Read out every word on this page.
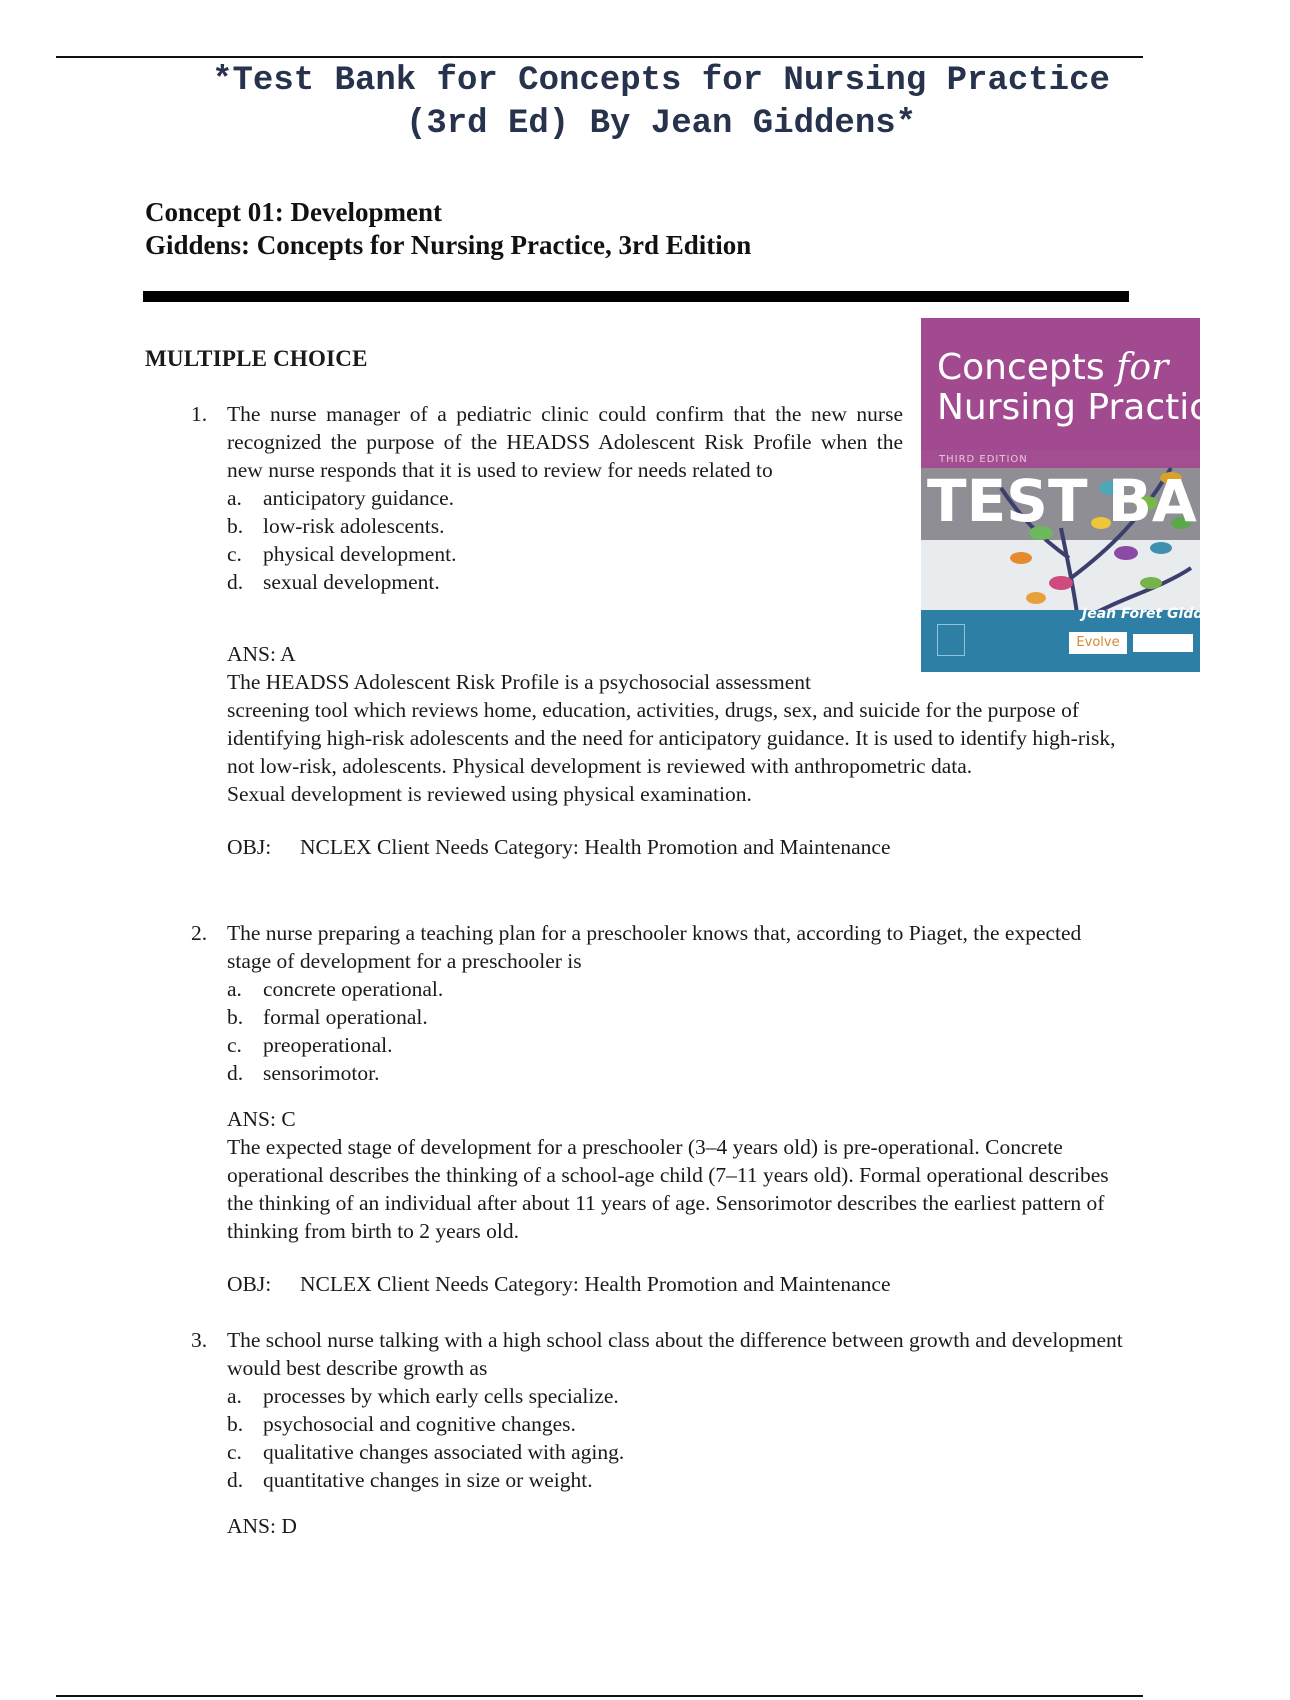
*Test Bank for Concepts for Nursing Practice
(3rd Ed) By Jean Giddens*
Concept 01: Development
Giddens: Concepts for Nursing Practice, 3rd Edition
MULTIPLE CHOICE	Concepts for
Nursing Practice
THIRD EDITION
TEST BANK
Jean Foret Giddens
Evolve
1. The nurse manager of a pediatric clinic could confirm that the new nurse recognized the purpose of the HEADSS Adolescent Risk Profile when the new nurse responds that it is used to review for needs related to

a. anticipatory guidance.
b. low-risk adolescents.
c. physical development.
d. sexual development.
ANS: A

The HEADSS Adolescent Risk Profile is a psychosocial assessment

screening tool which reviews home, education, activities, drugs, sex, and suicide for the purpose of identifying high-risk adolescents and the need for anticipatory guidance. It is used to identify high-risk, not low-risk, adolescents. Physical development is reviewed with anthropometric data.

Sexual development is reviewed using physical examination.

OBJ: NCLEX Client Needs Category: Health Promotion and Maintenance
2. The nurse preparing a teaching plan for a preschooler knows that, according to Piaget, the expected stage of development for a preschooler is

a. concrete operational.
b. formal operational.
c. preoperational.
d. sensorimotor.
ANS: C

The expected stage of development for a preschooler (3–4 years old) is pre-operational. Concrete operational describes the thinking of a school-age child (7–11 years old). Formal operational describes the thinking of an individual after about 11 years of age. Sensorimotor describes the earliest pattern of thinking from birth to 2 years old.

OBJ: NCLEX Client Needs Category: Health Promotion and Maintenance
3. The school nurse talking with a high school class about the difference between growth and development would best describe growth as

a. processes by which early cells specialize.
b. psychosocial and cognitive changes.
c. qualitative changes associated with aging.
d. quantitative changes in size or weight.
ANS: D
